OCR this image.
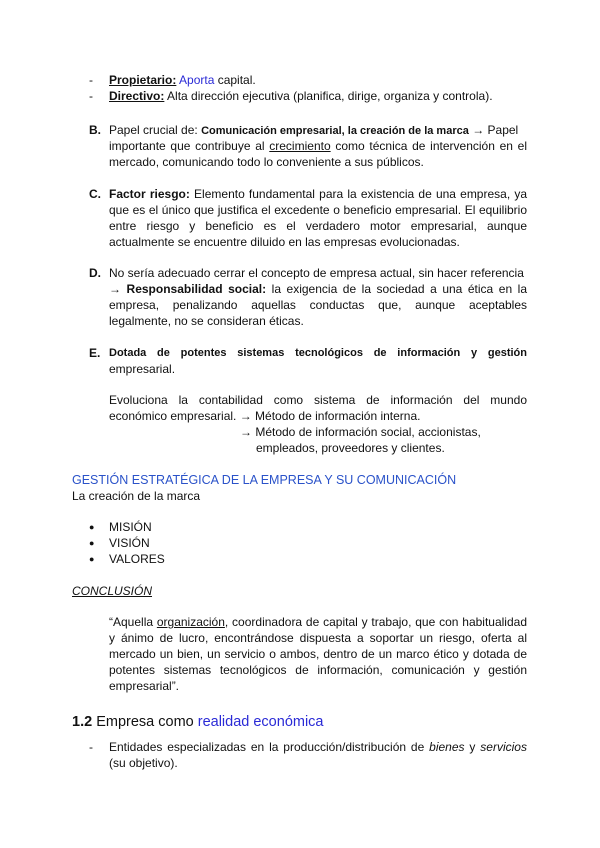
- Propietario: Aporta capital.
- Directivo: Alta dirección ejecutiva (planifica, dirige, organiza y controla).
B. Papel crucial de: Comunicación empresarial, la creación de la marca → Papel
importante que contribuye al crecimiento como técnica de intervención en el
mercado, comunicando todo lo conveniente a sus públicos.
C. Factor riesgo: Elemento fundamental para la existencia de una empresa, ya
que es el único que justifica el excedente o beneficio empresarial. El equilibrio
entre riesgo y beneficio es el verdadero motor empresarial, aunque
actualmente se encuentre diluido en las empresas evolucionadas.
D. No sería adecuado cerrar el concepto de empresa actual, sin hacer referencia
→ Responsabilidad social: la exigencia de la sociedad a una ética en la
empresa, penalizando aquellas conductas que, aunque aceptables
legalmente, no se consideran éticas.
E. Dotada de potentes sistemas tecnológicos de información y gestión
empresarial.
Evoluciona la contabilidad como sistema de información del mundo
económico empresarial. → Método de información interna.
→ Método de información social, accionistas,
empleados, proveedores y clientes.
GESTIÓN ESTRATÉGICA DE LA EMPRESA Y SU COMUNICACIÓN
La creación de la marca
● MISIÓN
● VISIÓN
● VALORES
CONCLUSIÓN
“Aquella organización, coordinadora de capital y trabajo, que con habitualidad
y ánimo de lucro, encontrándose dispuesta a soportar un riesgo, oferta al
mercado un bien, un servicio o ambos, dentro de un marco ético y dotada de
potentes sistemas tecnológicos de información, comunicación y gestión
empresarial”.
1.2 Empresa como realidad económica
- Entidades especializadas en la producción/distribución de bienes y servicios
(su objetivo).
